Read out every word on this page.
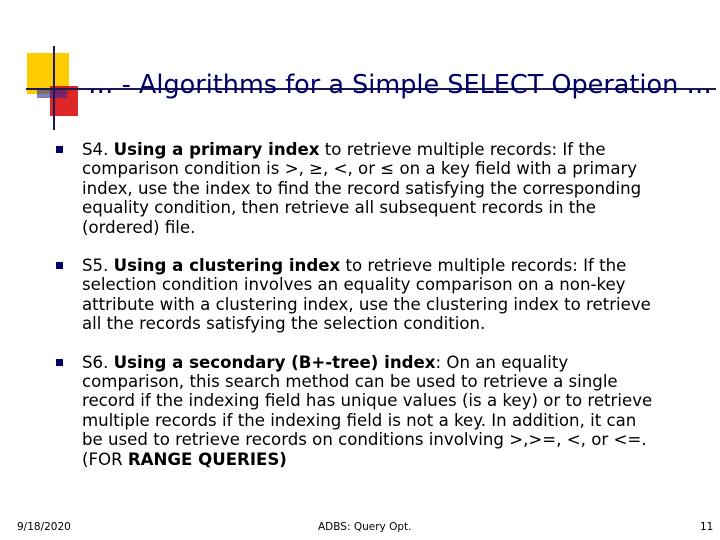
… - Algorithms for a Simple SELECT Operation …
S4. Using a primary index to retrieve multiple records: If the comparison condition is >, ≥, <, or ≤ on a key field with a primary index, use the index to find the record satisfying the corresponding equality condition, then retrieve all subsequent records in the (ordered) file.
S5. Using a clustering index to retrieve multiple records: If the selection condition involves an equality comparison on a non-key attribute with a clustering index, use the clustering index to retrieve all the records satisfying the selection condition.
S6. Using a secondary (B+-tree) index: On an equality comparison, this search method can be used to retrieve a single record if the indexing field has unique values (is a key) or to retrieve multiple records if the indexing field is not a key. In addition, it can be used to retrieve records on conditions involving >,>=, <, or <=. (FOR RANGE QUERIES)
9/18/2020	ADBS: Query Opt.	11
